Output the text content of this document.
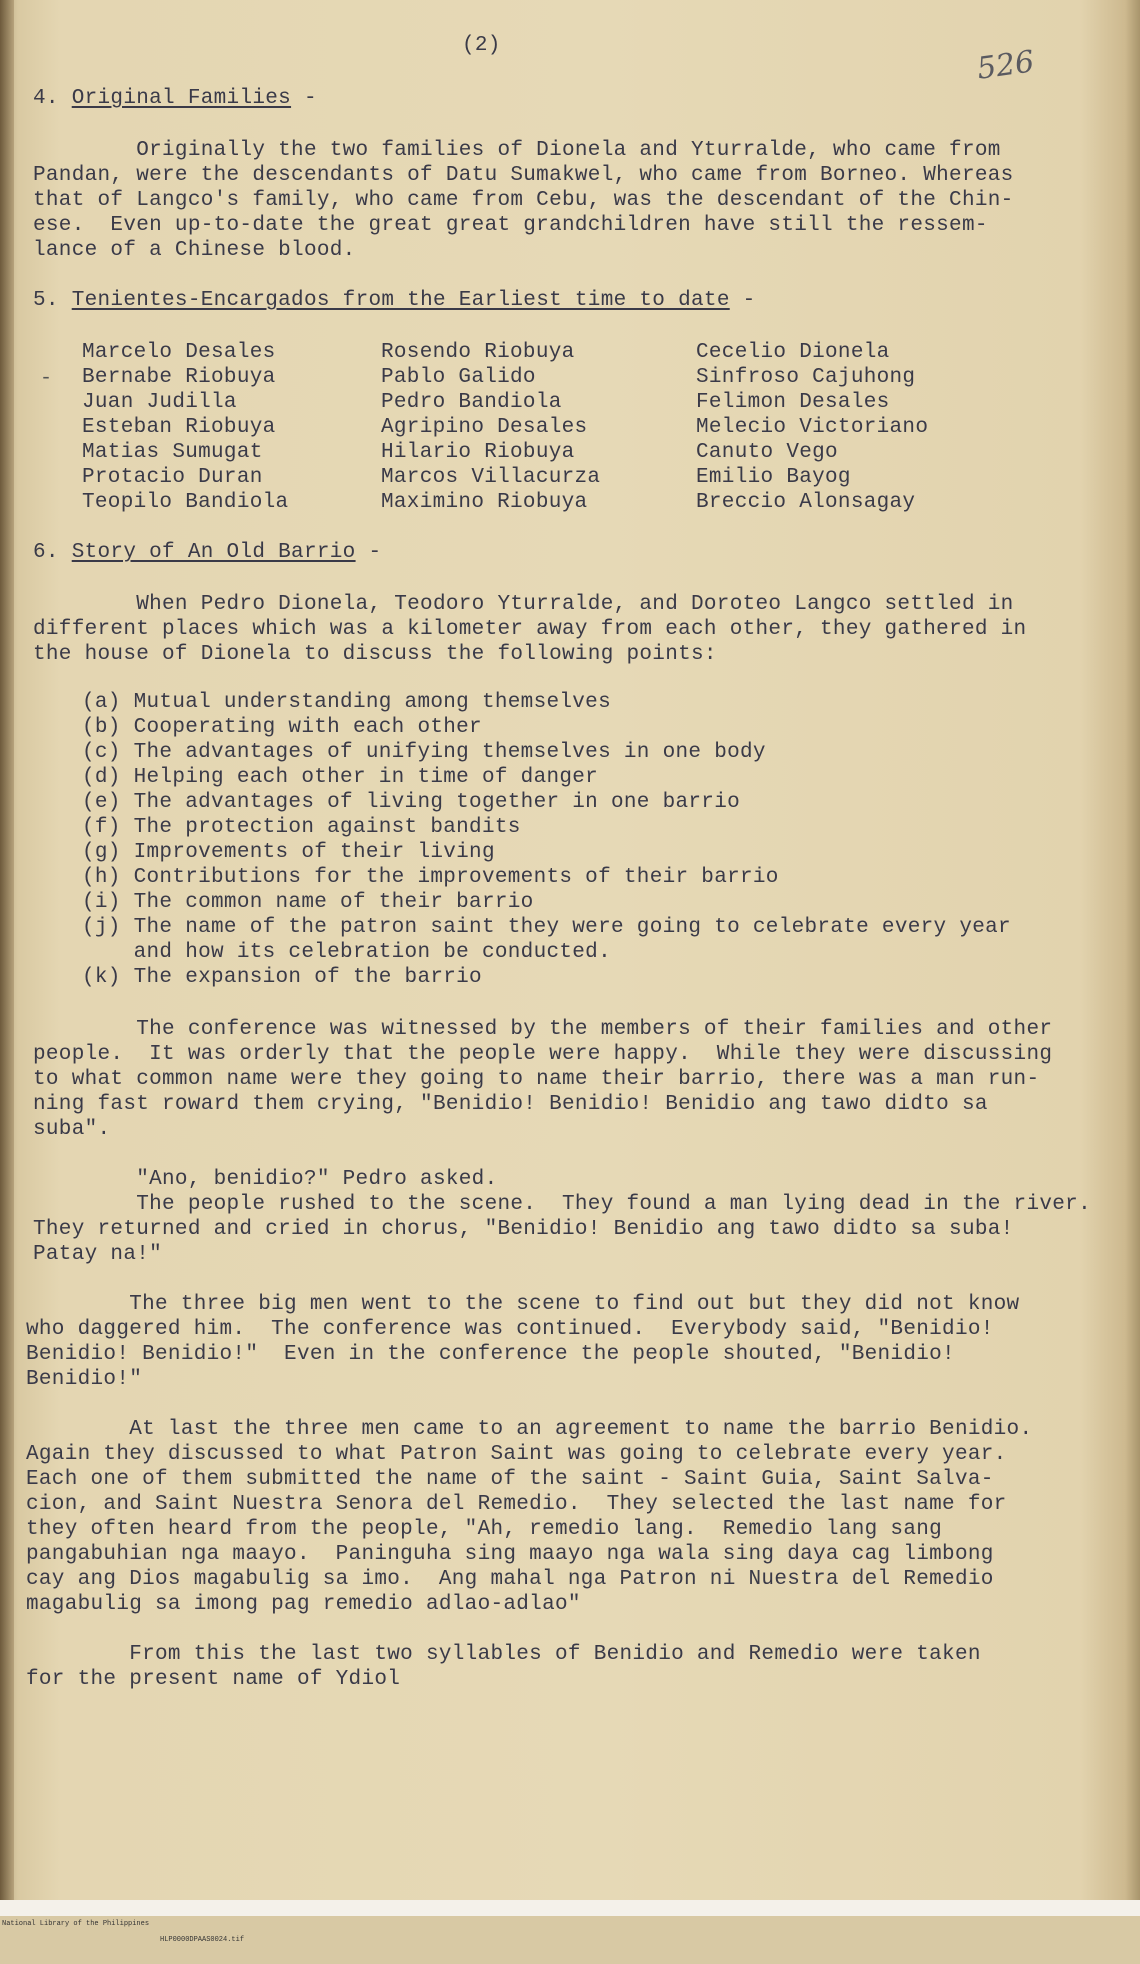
(2)	526
4. Original Families -
Originally the two families of Dionela and Yturralde, who came from
Pandan, were the descendants of Datu Sumakwel, who came from Borneo. Whereas
that of Langco's family, who came from Cebu, was the descendant of the Chin-
ese.  Even up-to-date the great great grandchildren have still the ressem-
lance of a Chinese blood.
5. Tenientes-Encargados from the Earliest time to date -
Marcelo Desales
Bernabe Riobuya
Juan Judilla
Esteban Riobuya
Matias Sumugat
Protacio Duran
Teopilo Bandiola
Rosendo Riobuya
Pablo Galido
Pedro Bandiola
Agripino Desales
Hilario Riobuya
Marcos Villacurza
Maximino Riobuya
Cecelio Dionela
Sinfroso Cajuhong
Felimon Desales
Melecio Victoriano
Canuto Vego
Emilio Bayog
Breccio Alonsagay
-
6. Story of An Old Barrio -
When Pedro Dionela, Teodoro Yturralde, and Doroteo Langco settled in
different places which was a kilometer away from each other, they gathered in
the house of Dionela to discuss the following points:
(a) Mutual understanding among themselves
(b) Cooperating with each other
(c) The advantages of unifying themselves in one body
(d) Helping each other in time of danger
(e) The advantages of living together in one barrio
(f) The protection against bandits
(g) Improvements of their living
(h) Contributions for the improvements of their barrio
(i) The common name of their barrio
(j) The name of the patron saint they were going to celebrate every year
and how its celebration be conducted.
(k) The expansion of the barrio
The conference was witnessed by the members of their families and other
people.  It was orderly that the people were happy.  While they were discussing
to what common name were they going to name their barrio, there was a man run-
ning fast roward them crying, "Benidio! Benidio! Benidio ang tawo didto sa
suba".
"Ano, benidio?" Pedro asked.
The people rushed to the scene.  They found a man lying dead in the river.
They returned and cried in chorus, "Benidio! Benidio ang tawo didto sa suba!
Patay na!"
The three big men went to the scene to find out but they did not know
who daggered him.  The conference was continued.  Everybody said, "Benidio!
Benidio! Benidio!"  Even in the conference the people shouted, "Benidio!
Benidio!"
At last the three men came to an agreement to name the barrio Benidio.
Again they discussed to what Patron Saint was going to celebrate every year.
Each one of them submitted the name of the saint - Saint Guia, Saint Salva-
cion, and Saint Nuestra Senora del Remedio.  They selected the last name for
they often heard from the people, "Ah, remedio lang.  Remedio lang sang
pangabuhian nga maayo.  Paninguha sing maayo nga wala sing daya cag limbong
cay ang Dios magabulig sa imo.  Ang mahal nga Patron ni Nuestra del Remedio
magabulig sa imong pag remedio adlao-adlao"
From this the last two syllables of Benidio and Remedio were taken
for the present name of Ydiol

National Library of the Philippines

HLP0000DPAAS0024.tif
